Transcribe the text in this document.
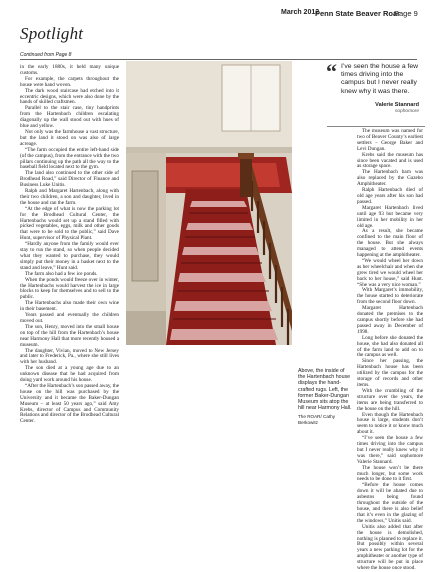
March 2012
Penn State Beaver Roar
Page 9
Spotlight
Continued from Page 8

in the early 1880s, it held many unique customs.

For example, the carpets throughout the house were hand woven.

The dark wood staircase had etched into it eccentric designs, which were also done by the hands of skilled craftsmen.

Parallel to the stair case, tiny handprints from the Hartenbach children escalating diagonally up the wall stood out with hues of blue and yellow.

Not only was the farmhouse a vast structure, but the land it stood on was also of large acreage.

“The farm occupied the entire left-hand side (of the campus), from the entrance with the two pillars continuing up the path all the way to the baseball field located next to the gym.

The land also continued to the other side of Brodhead Road,” said Director of Finance and Business Luke Unitis.

Ralph and Margaret Hartenbach, along with their two children, a son and daughter, lived in the house and ran the farm.

“At the edge of what is now the parking lot for the Brodhead Cultural Center, the Hartenbachs would set up a stand filled with picked vegetables, eggs, milk and other goods that were to be sold to the public,” said Dave Hunt, supervisor of Physical Plant.

“Hardly anyone from the family would ever stay to run the stand, so when people decided what they wanted to purchase, they would simply put their money in a basket next to the stand and leave,” Hunt said.

The farm also had a few ice ponds.

When the ponds would freeze over in winter, the Hartenbachs would harvest the ice in large blocks to keep for themselves and to sell to the public.

The Hartenbachs also made their own wine in their basement.

Years passed and eventually the children moved out.

The son, Henry, moved into the small house on top of the hill from the Hartenbach’s house near Harmony Hall that more recently housed a museum.

The daughter, Vivian, moved to New Jersey and later to Frederick, Pa., where she still lives with her husband.

The son died at a young age due to an unknown disease that he had acquired from doing yard work around his house.

“After the Hartenbach’s son passed away, the house on the hill was purchased by the University and it became the Baker-Dungan Museum – at least 50 years ago,” said Amy Krebs, director of Campus and Community Relations and director of the Brodhead Cultural Center.

Above, the inside of the Hartenbach house displays the hand-crafted rugs. Left, the former Baker-Dungan Museum sits atop the hill near Harmony Hall.
The ROAR/ Cathy Berkowitz
“ I’ve seen the house a few times driving into the campus but I never really knew why it was there.
Valerie Stannard
sophomore

The museum was named for two of Beaver County’s earliest settlers – George Baker and Levi Dungan.

Krebs said the museum has since been vacated and is used as storage space.

The Hartenbach barn was also replaced by the Gazebo Amphitheater.

Ralph Hartenbach died of old age years after his son had passed.

Margaret Hartenbach lived until age 93 but became very limited in her mobility in her old age.

As a result, she became confined to the main floor of the house. But she always managed to attend events happening at the amphitheater.

“We would wheel her down as her wheelchair and when she grew tired we would wheel her back to her house,” said Hunt. “She was a very nice woman.”

With Margaret’s immobility, the house started to deteriorate from the second floor down.

Margaret Hartenbach donated the premises to the campus shortly before she had passed away in December of 1998.

Long before she donated the house, she had also donated all of the farm land to add on to the campus as well.

Since her passing, the Hartenbach house has been utilized by the campus for the storage of records and other items.

With the crumbling of the structure over the years, the items are being transferred to the house on the hill.

Even though the Hartenbach house is large, students don’t seem to notice it or know much about it.

“I’ve seen the house a few times driving into the campus but I never really knew why it was there,” said sophomore Valerie Stannard.

The house won’t be there much longer, but some work needs to be done to it first.

“Before the house comes down it will be abated due to asbestos being found throughout the outside of the house, and there is also belief that it’s even in the glazing of the windows,” Unitis said.

Unitis also added that after the house is demolished, nothing is planned to replace it. But possibly within several years a new parking lot for the amphitheater or another type of structure will be put in place where the house once stood.
